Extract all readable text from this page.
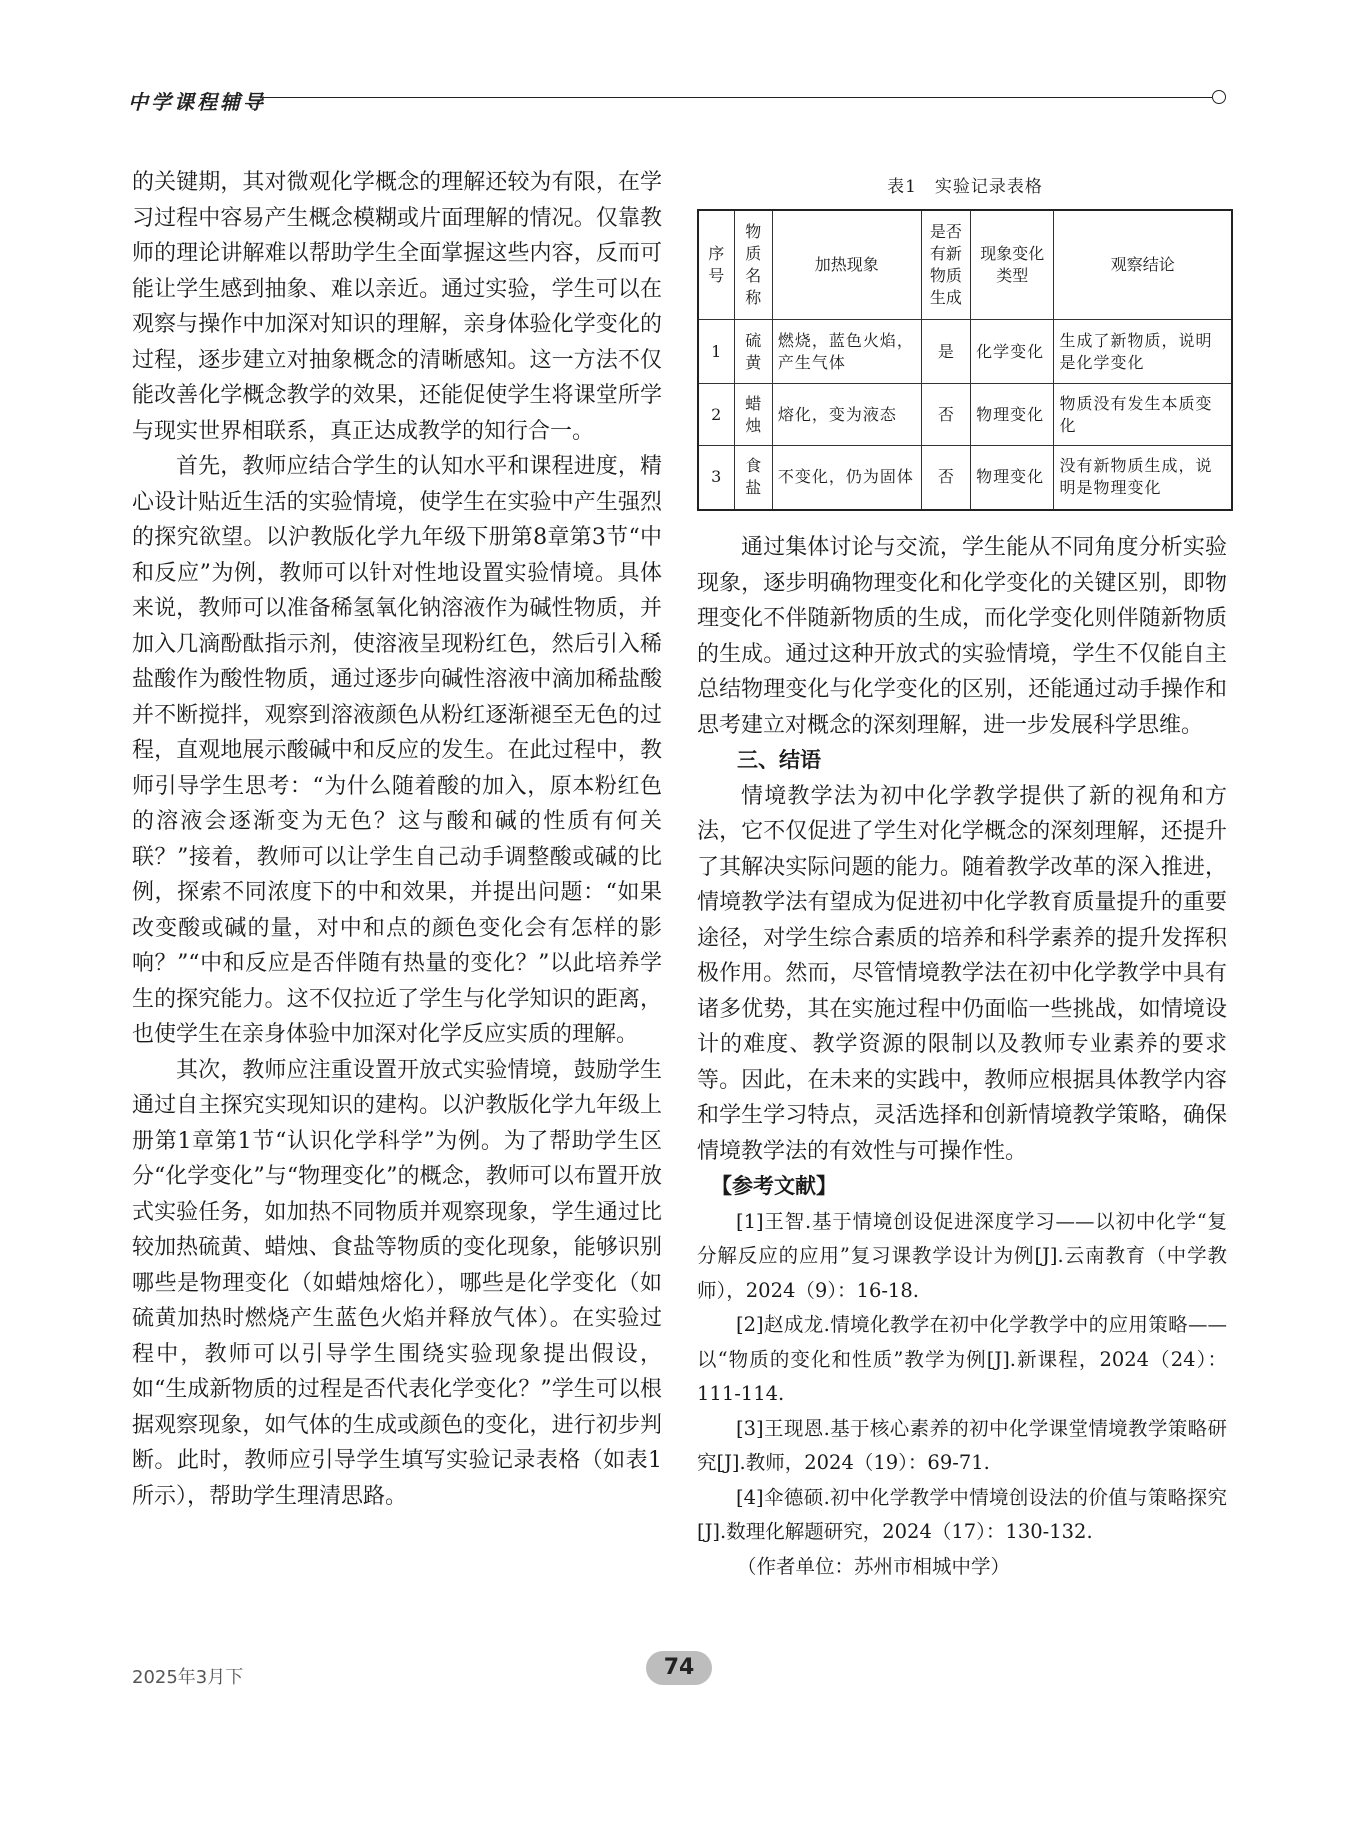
中学课程辅导

的关键期，其对微观化学概念的理解还较为有限，在学习过程中容易产生概念模糊或片面理解的情况。仅靠教师的理论讲解难以帮助学生全面掌握这些内容，反而可能让学生感到抽象、难以亲近。通过实验，学生可以在观察与操作中加深对知识的理解，亲身体验化学变化的过程，逐步建立对抽象概念的清晰感知。这一方法不仅能改善化学概念教学的效果，还能促使学生将课堂所学与现实世界相联系，真正达成教学的知行合一。

首先，教师应结合学生的认知水平和课程进度，精心设计贴近生活的实验情境，使学生在实验中产生强烈的探究欲望。以沪教版化学九年级下册第8章第3节“中和反应”为例，教师可以针对性地设置实验情境。具体来说，教师可以准备稀氢氧化钠溶液作为碱性物质，并加入几滴酚酞指示剂，使溶液呈现粉红色，然后引入稀盐酸作为酸性物质，通过逐步向碱性溶液中滴加稀盐酸并不断搅拌，观察到溶液颜色从粉红逐渐褪至无色的过程，直观地展示酸碱中和反应的发生。在此过程中，教师引导学生思考：“为什么随着酸的加入，原本粉红色的溶液会逐渐变为无色？这与酸和碱的性质有何关联？”接着，教师可以让学生自己动手调整酸或碱的比例，探索不同浓度下的中和效果，并提出问题：“如果改变酸或碱的量，对中和点的颜色变化会有怎样的影响？”“中和反应是否伴随有热量的变化？”以此培养学生的探究能力。这不仅拉近了学生与化学知识的距离，也使学生在亲身体验中加深对化学反应实质的理解。

其次，教师应注重设置开放式实验情境，鼓励学生通过自主探究实现知识的建构。以沪教版化学九年级上册第1章第1节“认识化学科学”为例。为了帮助学生区分“化学变化”与“物理变化”的概念，教师可以布置开放式实验任务，如加热不同物质并观察现象，学生通过比较加热硫黄、蜡烛、食盐等物质的变化现象，能够识别哪些是物理变化（如蜡烛熔化），哪些是化学变化（如硫黄加热时燃烧产生蓝色火焰并释放气体）。在实验过程中，教师可以引导学生围绕实验现象提出假设，如“生成新物质的过程是否代表化学变化？”学生可以根据观察现象，如气体的生成或颜色的变化，进行初步判断。此时，教师应引导学生填写实验记录表格（如表1所示），帮助学生理清思路。

表1　实验记录表格
序号	物质名称	加热现象	是否有新物质生成	现象变化类型	观察结论
1	硫黄	燃烧，蓝色火焰，产生气体	是	化学变化	生成了新物质，说明是化学变化
2	蜡烛	熔化，变为液态	否	物理变化	物质没有发生本质变化
3	食盐	不变化，仍为固体	否	物理变化	没有新物质生成，说明是物理变化

通过集体讨论与交流，学生能从不同角度分析实验现象，逐步明确物理变化和化学变化的关键区别，即物理变化不伴随新物质的生成，而化学变化则伴随新物质的生成。通过这种开放式的实验情境，学生不仅能自主总结物理变化与化学变化的区别，还能通过动手操作和思考建立对概念的深刻理解，进一步发展科学思维。

三、结语

情境教学法为初中化学教学提供了新的视角和方法，它不仅促进了学生对化学概念的深刻理解，还提升了其解决实际问题的能力。随着教学改革的深入推进，情境教学法有望成为促进初中化学教育质量提升的重要途径，对学生综合素质的培养和科学素养的提升发挥积极作用。然而，尽管情境教学法在初中化学教学中具有诸多优势，其在实施过程中仍面临一些挑战，如情境设计的难度、教学资源的限制以及教师专业素养的要求等。因此，在未来的实践中，教师应根据具体教学内容和学生学习特点，灵活选择和创新情境教学策略，确保情境教学法的有效性与可操作性。

【参考文献】

[1]王智.基于情境创设促进深度学习——以初中化学“复分解反应的应用”复习课教学设计为例[J].云南教育（中学教师），2024（9）：16-18.

[2]赵成龙.情境化教学在初中化学教学中的应用策略——以“物质的变化和性质”教学为例[J].新课程，2024（24）：111-114.

[3]王现恩.基于核心素养的初中化学课堂情境教学策略研究[J].教师，2024（19）：69-71.

[4]伞德硕.初中化学教学中情境创设法的价值与策略探究[J].数理化解题研究，2024（17）：130-132.

（作者单位：苏州市相城中学）

2025年3月下	74
